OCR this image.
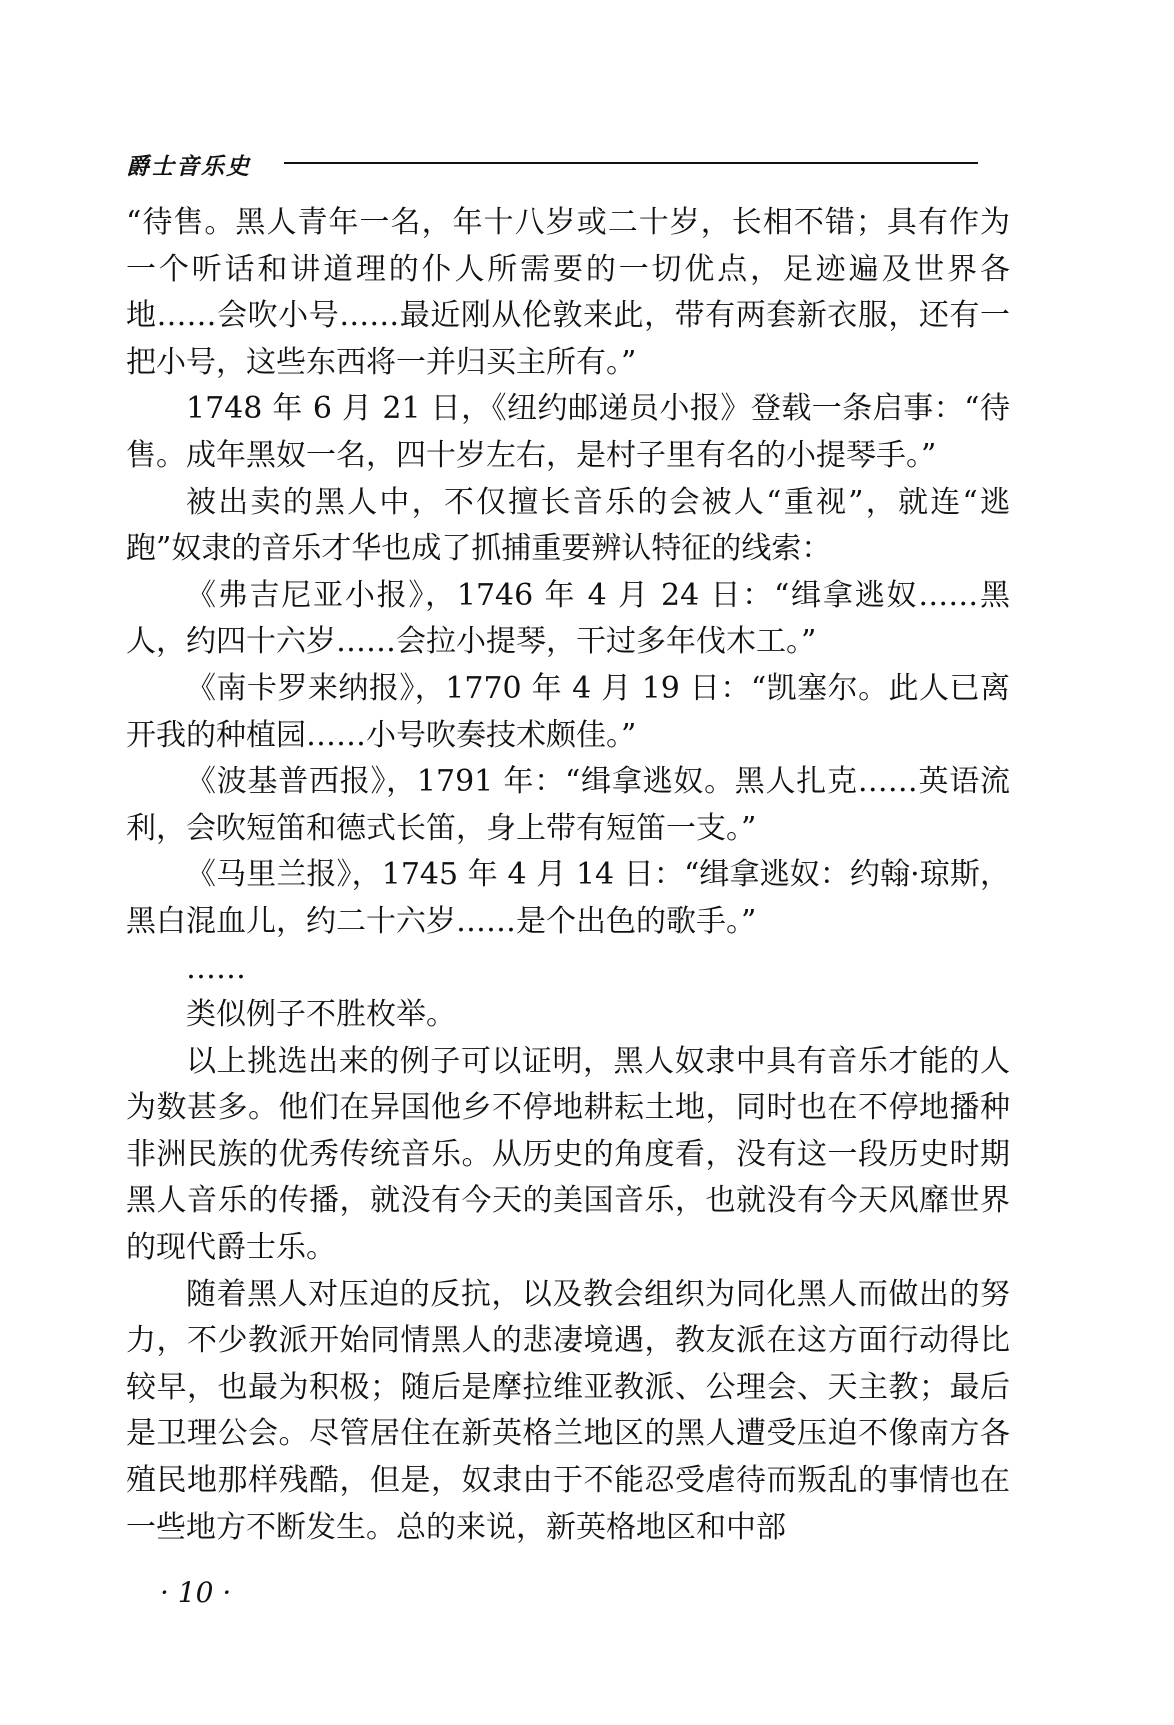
爵士音乐史

“待售。黑人青年一名，年十八岁或二十岁，长相不错；具有作为一个听话和讲道理的仆人所需要的一切优点，足迹遍及世界各地……会吹小号……最近刚从伦敦来此，带有两套新衣服，还有一把小号，这些东西将一并归买主所有。”

1748 年 6 月 21 日，《纽约邮递员小报》登载一条启事：“待售。成年黑奴一名，四十岁左右，是村子里有名的小提琴手。”

被出卖的黑人中，不仅擅长音乐的会被人“重视”，就连“逃跑”奴隶的音乐才华也成了抓捕重要辨认特征的线索：

《弗吉尼亚小报》，1746 年 4 月 24 日：“缉拿逃奴……黑人，约四十六岁……会拉小提琴，干过多年伐木工。”

《南卡罗来纳报》，1770 年 4 月 19 日：“凯塞尔。此人已离开我的种植园……小号吹奏技术颇佳。”

《波基普西报》，1791 年：“缉拿逃奴。黑人扎克……英语流利，会吹短笛和德式长笛，身上带有短笛一支。”

《马里兰报》，1745 年 4 月 14 日：“缉拿逃奴：约翰·琼斯，黑白混血儿，约二十六岁……是个出色的歌手。”

……

类似例子不胜枚举。

以上挑选出来的例子可以证明，黑人奴隶中具有音乐才能的人为数甚多。他们在异国他乡不停地耕耘土地，同时也在不停地播种非洲民族的优秀传统音乐。从历史的角度看，没有这一段历史时期黑人音乐的传播，就没有今天的美国音乐，也就没有今天风靡世界的现代爵士乐。

随着黑人对压迫的反抗，以及教会组织为同化黑人而做出的努力，不少教派开始同情黑人的悲凄境遇，教友派在这方面行动得比较早，也最为积极；随后是摩拉维亚教派、公理会、天主教；最后是卫理公会。尽管居住在新英格兰地区的黑人遭受压迫不像南方各殖民地那样残酷，但是，奴隶由于不能忍受虐待而叛乱的事情也在一些地方不断发生。总的来说，新英格地区和中部

· 10 ·
